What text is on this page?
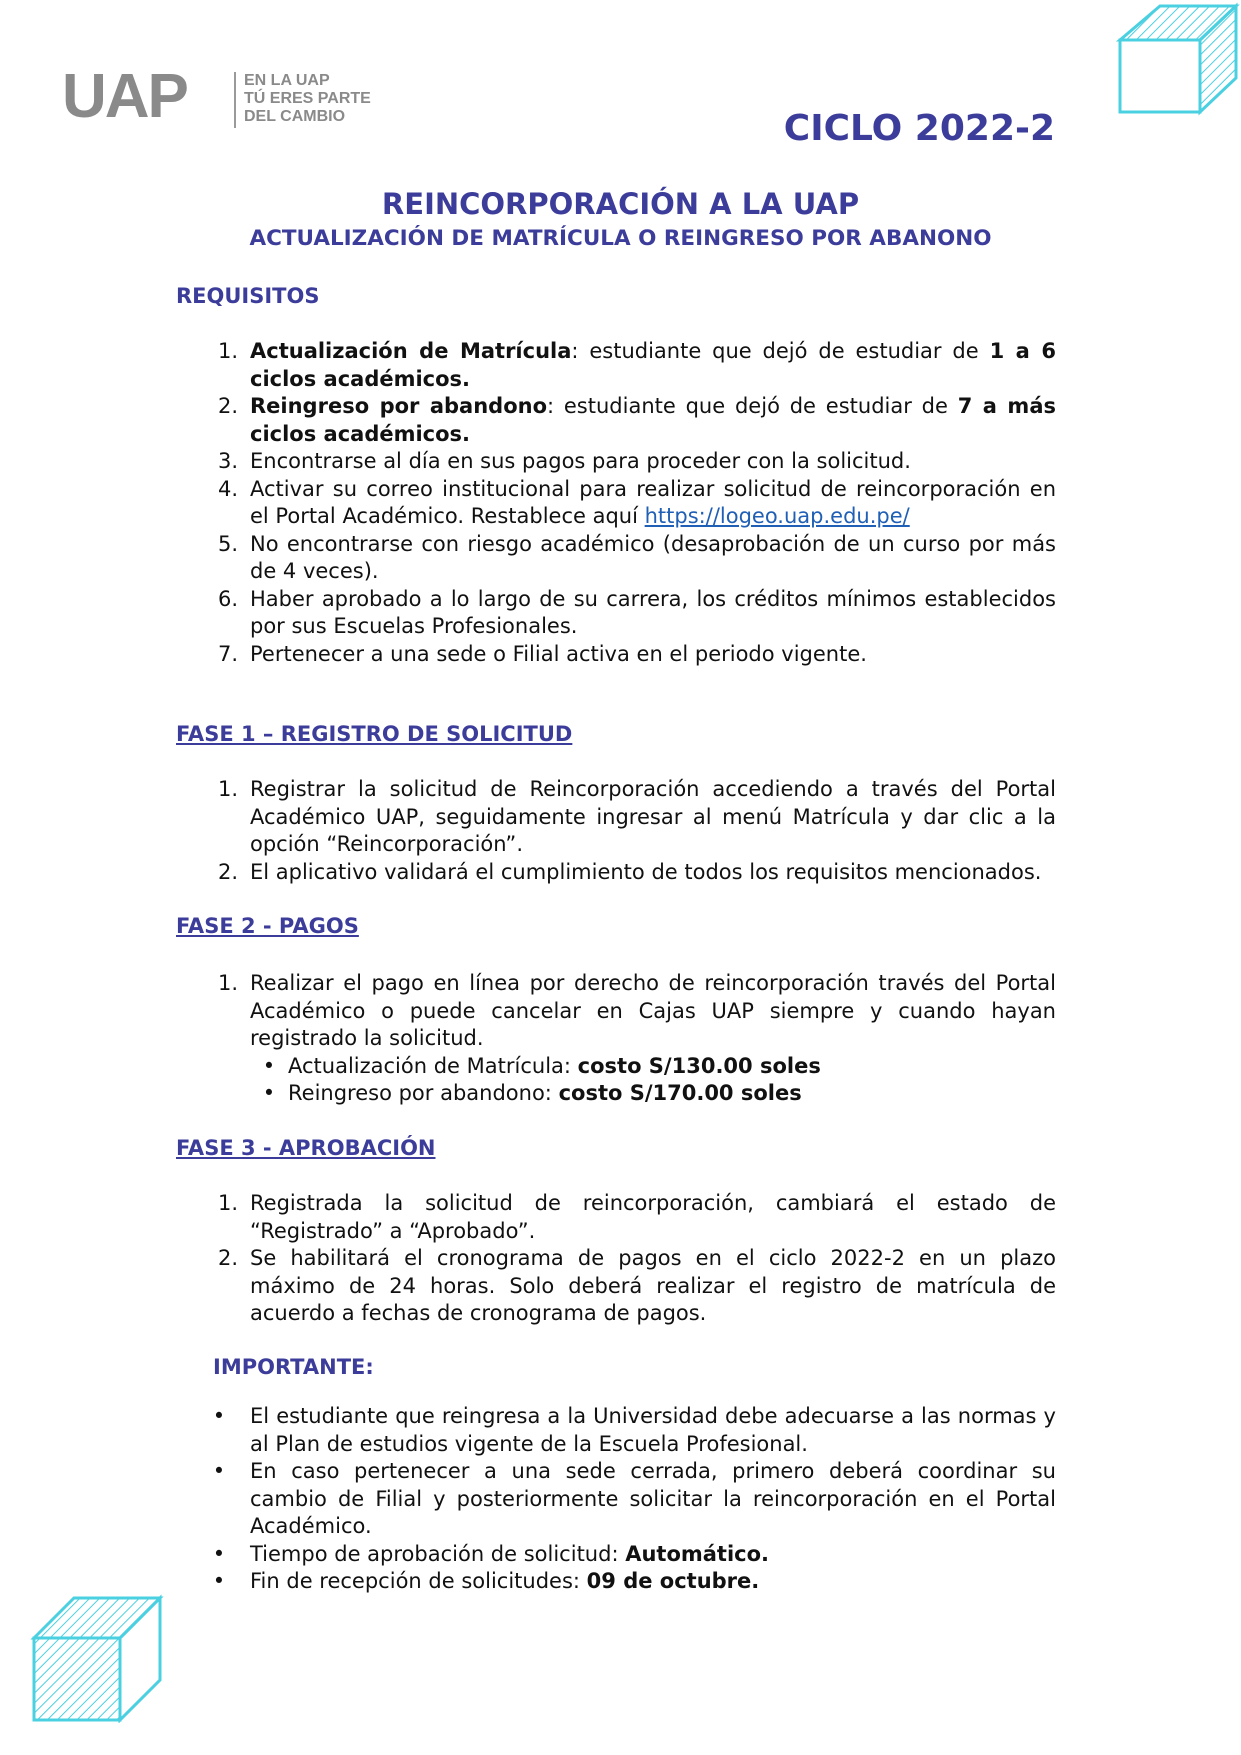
UAP	EN LA UAP
TÚ ERES PARTE
DEL CAMBIO	CICLO 2022-2
REINCORPORACIÓN A LA UAP
ACTUALIZACIÓN DE MATRÍCULA O REINGRESO POR ABANONO
REQUISITOS
1. Actualización de Matrícula: estudiante que dejó de estudiar de 1 a 6 ciclos académicos.
2. Reingreso por abandono: estudiante que dejó de estudiar de 7 a más ciclos académicos.
3. Encontrarse al día en sus pagos para proceder con la solicitud.
4. Activar su correo institucional para realizar solicitud de reincorporación en el Portal Académico. Restablece aquí https://logeo.uap.edu.pe/
5. No encontrarse con riesgo académico (desaprobación de un curso por más de 4 veces).
6. Haber aprobado a lo largo de su carrera, los créditos mínimos establecidos por sus Escuelas Profesionales.
7. Pertenecer a una sede o Filial activa en el periodo vigente.
FASE 1 – REGISTRO DE SOLICITUD
1. Registrar la solicitud de Reincorporación accediendo a través del Portal Académico UAP, seguidamente ingresar al menú Matrícula y dar clic a la opción “Reincorporación”.
2. El aplicativo validará el cumplimiento de todos los requisitos mencionados.
FASE 2 - PAGOS
1. Realizar el pago en línea por derecho de reincorporación través del Portal Académico o puede cancelar en Cajas UAP siempre y cuando hayan registrado la solicitud.
• Actualización de Matrícula: costo S/130.00 soles
• Reingreso por abandono: costo S/170.00 soles
FASE 3 - APROBACIÓN
1. Registrada la solicitud de reincorporación, cambiará el estado de “Registrado” a “Aprobado”.
2. Se habilitará el cronograma de pagos en el ciclo 2022-2 en un plazo máximo de 24 horas. Solo deberá realizar el registro de matrícula de acuerdo a fechas de cronograma de pagos.
IMPORTANTE:
•	El estudiante que reingresa a la Universidad debe adecuarse a las normas y al Plan de estudios vigente de la Escuela Profesional.
•	En caso pertenecer a una sede cerrada, primero deberá coordinar su cambio de Filial y posteriormente solicitar la reincorporación en el Portal Académico.
•	Tiempo de aprobación de solicitud: Automático.
•	Fin de recepción de solicitudes: 09 de octubre.
